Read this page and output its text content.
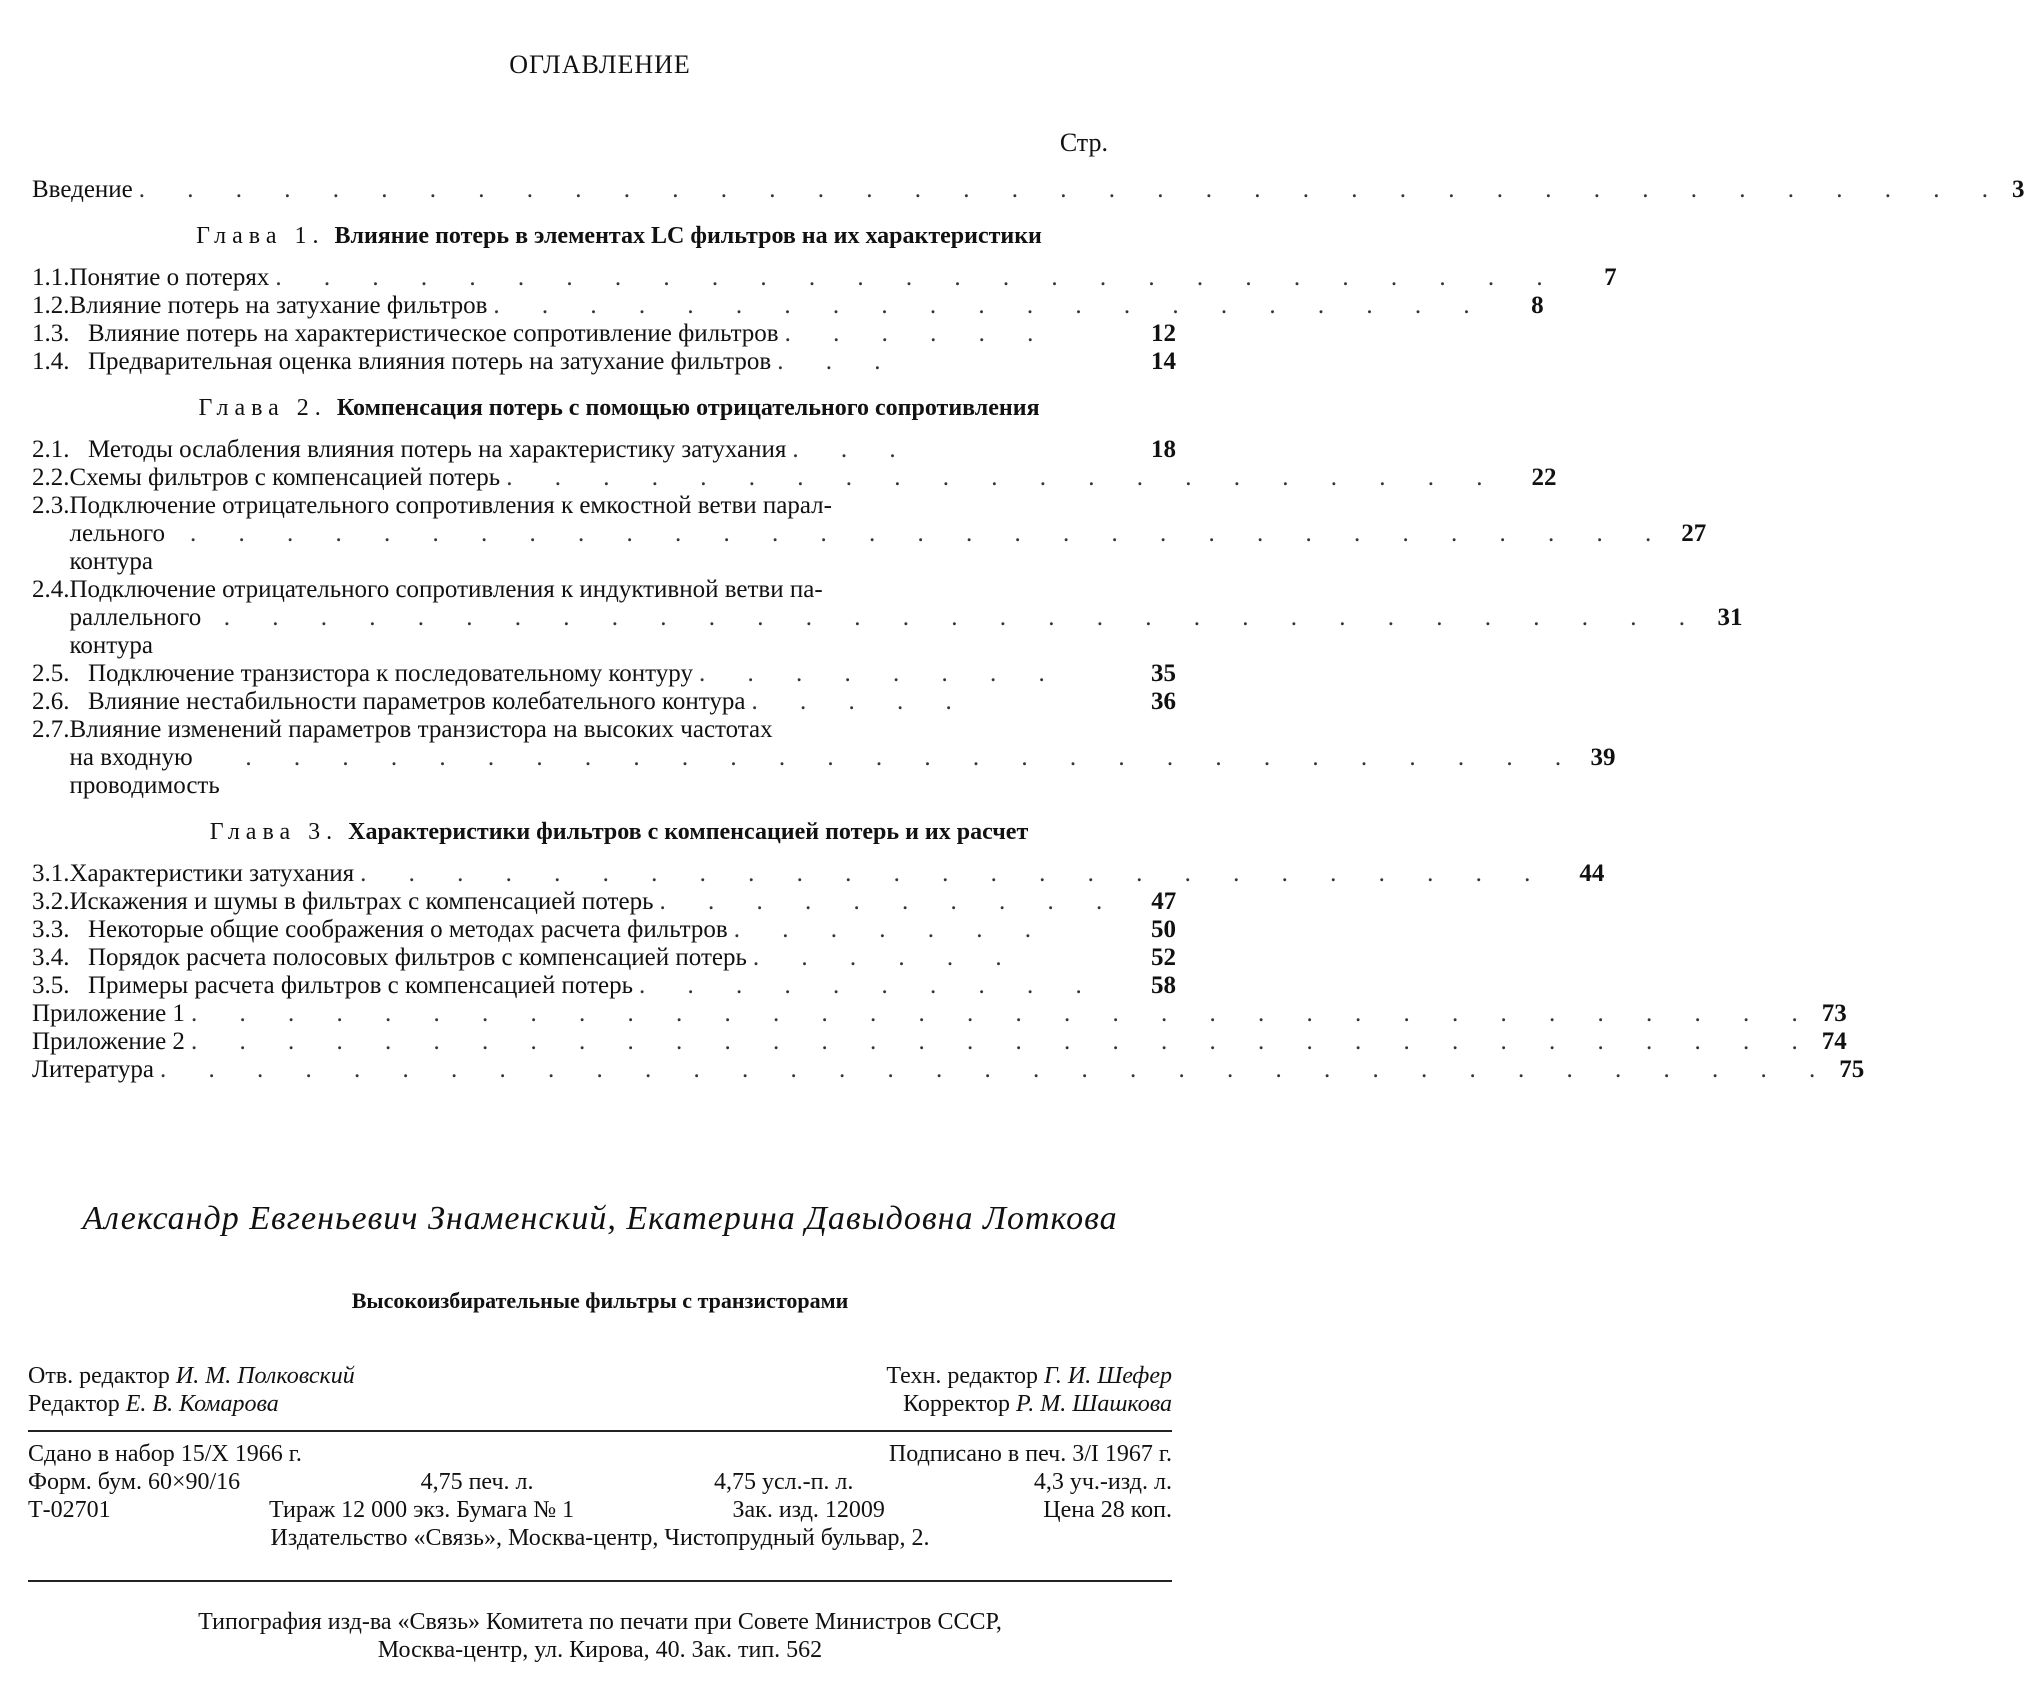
ОГЛАВЛЕНИЕ
Стр.
Введение . . . . . . . . . . . . . . . . . . . . . . . . . . . . . . . . . . . . . . . 3
Глава 1. Влияние потерь в элементах LC фильтров на их характеристики
1.1. Понятие о потерях . . . . . . . . . . . . . . . . . . . . . . . . . . .	7
1.2. Влияние потерь на затухание фильтров . . . . . . . . . . . . . . . . . . . . .	8
1.3. Влияние потерь на характеристическое сопротивление фильтров . . . . . .	12
1.4. Предварительная оценка влияния потерь на затухание фильтров . . .	14
Глава 2. Компенсация потерь с помощью отрицательного сопротивления
2.1. Методы ослабления влияния потерь на характеристику затухания . . .	18
2.2. Схемы фильтров с компенсацией потерь . . . . . . . . . . . . . . . . . . . . .	22
2.3. Подключение отрицательного сопротивления к емкостной ветви парал-
лельного контура
. . . . . . . . . . . . . . . . . . . . . . . . . . . . . . . 27
2.4. Подключение отрицательного сопротивления к индуктивной ветви па-
раллельного контура
. . . . . . . . . . . . . . . . . . . . . . . . . . . . . . . 31
2.5. Подключение транзистора к последовательному контуру . . . . . . . .	35
2.6. Влияние нестабильности параметров колебательного контура . . . . .	36
2.7. Влияние изменений параметров транзистора на высоких частотах
на входную проводимость
. . . . . . . . . . . . . . . . . . . . . . . . . . . . 39
Глава 3. Характеристики фильтров с компенсацией потерь и их расчет
3.1. Характеристики затухания . . . . . . . . . . . . . . . . . . . . . . . . .	44
3.2. Искажения и шумы в фильтрах с компенсацией потерь . . . . . . . . . .	47
3.3. Некоторые общие соображения о методах расчета фильтров . . . . . . .	50
3.4. Порядок расчета полосовых фильтров с компенсацией потерь . . . . . .	52
3.5. Примеры расчета фильтров с компенсацией потерь . . . . . . . . . .	58
Приложение 1 . . . . . . . . . . . . . . . . . . . . . . . . . . . . . . . . . . 73
Приложение 2 . . . . . . . . . . . . . . . . . . . . . . . . . . . . . . . . . . 74
Литература . . . . . . . . . . . . . . . . . . . . . . . . . . . . . . . . . . . 75
Александр Евгеньевич Знаменский, Екатерина Давыдовна Лоткова
Высокоизбирательные фильтры с транзисторами
Отв. редактор И. М. Полковский	Техн. редактор Г. И. Шефер
Редактор Е. В. Комарова	Корректор Р. М. Шашкова
Сдано в набор 15/X 1966 г.	Подписано в печ. 3/I 1967 г.
Форм. бум. 60×90/16	4,75 печ. л.	4,75 усл.-п. л.	4,3 уч.-изд. л.
Т-02701	Тираж 12 000 экз. Бумага № 1	Зак. изд. 12009	Цена 28 коп.
Издательство «Связь», Москва-центр, Чистопрудный бульвар, 2.
Типография изд-ва «Связь» Комитета по печати при Совете Министров СССР,
Москва-центр, ул. Кирова, 40. Зак. тип. 562
